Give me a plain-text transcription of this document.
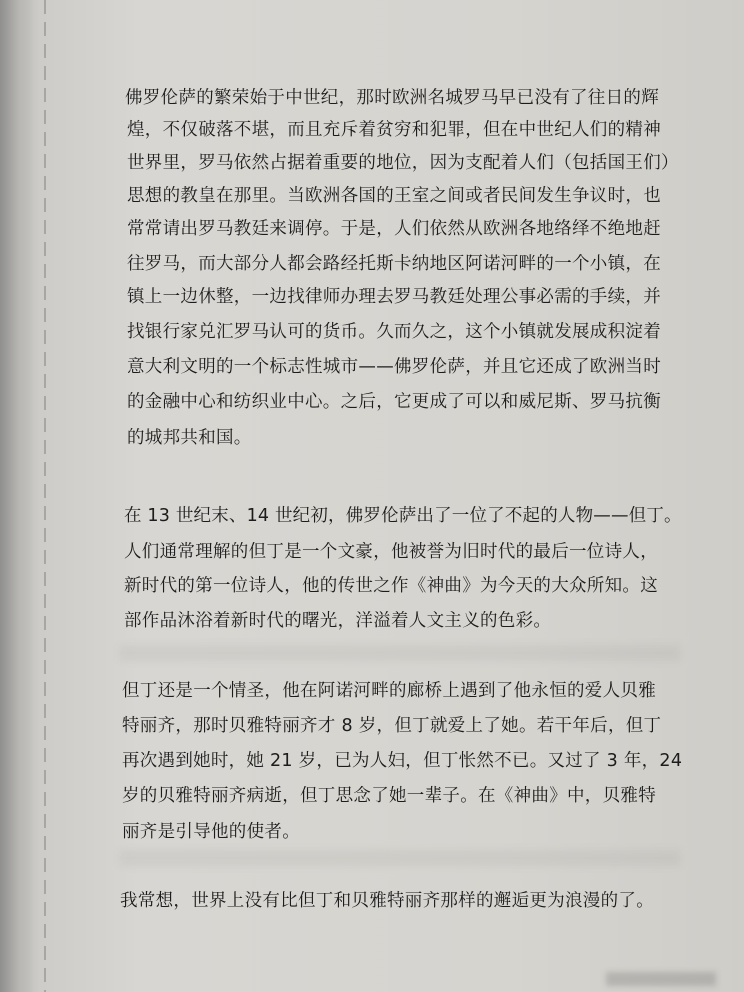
佛罗伦萨的繁荣始于中世纪，那时欧洲名城罗马早已没有了往日的辉
煌，不仅破落不堪，而且充斥着贫穷和犯罪，但在中世纪人们的精神
世界里，罗马依然占据着重要的地位，因为支配着人们（包括国王们）
思想的教皇在那里。当欧洲各国的王室之间或者民间发生争议时，也
常常请出罗马教廷来调停。于是，人们依然从欧洲各地络绎不绝地赶
往罗马，而大部分人都会路经托斯卡纳地区阿诺河畔的一个小镇，在
镇上一边休整，一边找律师办理去罗马教廷处理公事必需的手续，并
找银行家兑汇罗马认可的货币。久而久之，这个小镇就发展成积淀着
意大利文明的一个标志性城市——佛罗伦萨，并且它还成了欧洲当时
的金融中心和纺织业中心。之后，它更成了可以和威尼斯、罗马抗衡
的城邦共和国。
在 13 世纪末、14 世纪初，佛罗伦萨出了一位了不起的人物——但丁。
人们通常理解的但丁是一个文豪，他被誉为旧时代的最后一位诗人，
新时代的第一位诗人，他的传世之作《神曲》为今天的大众所知。这
部作品沐浴着新时代的曙光，洋溢着人文主义的色彩。
但丁还是一个情圣，他在阿诺河畔的廊桥上遇到了他永恒的爱人贝雅
特丽齐，那时贝雅特丽齐才 8 岁，但丁就爱上了她。若干年后，但丁
再次遇到她时，她 21 岁，已为人妇，但丁怅然不已。又过了 3 年，24
岁的贝雅特丽齐病逝，但丁思念了她一辈子。在《神曲》中，贝雅特
丽齐是引导他的使者。
我常想，世界上没有比但丁和贝雅特丽齐那样的邂逅更为浪漫的了。
